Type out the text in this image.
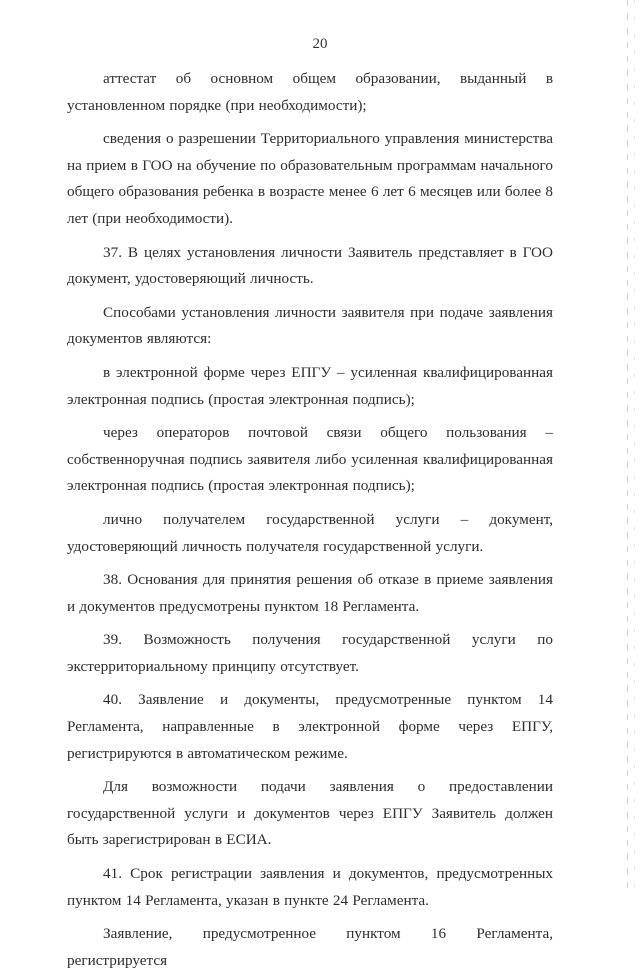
20

аттестат об основном общем образовании, выданный в установленном порядке (при необходимости);

сведения о разрешении Территориального управления министерства на прием в ГОО на обучение по образовательным программам начального общего образования ребенка в возрасте менее 6 лет 6 месяцев или более 8 лет (при необходимости).

37. В целях установления личности Заявитель представляет в ГОО документ, удостоверяющий личность.

Способами установления личности заявителя при подаче заявления документов являются:

в электронной форме через ЕПГУ – усиленная квалифицированная электронная подпись (простая электронная подпись);

через операторов почтовой связи общего пользования – собственноручная подпись заявителя либо усиленная квалифицированная электронная подпись (простая электронная подпись);

лично получателем государственной услуги – документ, удостоверяющий личность получателя государственной услуги.

38. Основания для принятия решения об отказе в приеме заявления и документов предусмотрены пунктом 18 Регламента.

39. Возможность получения государственной услуги по экстерриториальному принципу отсутствует.

40. Заявление и документы, предусмотренные пунктом 14 Регламента, направленные в электронной форме через ЕПГУ, регистрируются в автоматическом режиме.

Для возможности подачи заявления о предоставлении государственной услуги и документов через ЕПГУ Заявитель должен быть зарегистрирован в ЕСИА.

41. Срок регистрации заявления и документов, предусмотренных пунктом 14 Регламента, указан в пункте 24 Регламента.

Заявление, предусмотренное пунктом 16 Регламента, регистрируется
